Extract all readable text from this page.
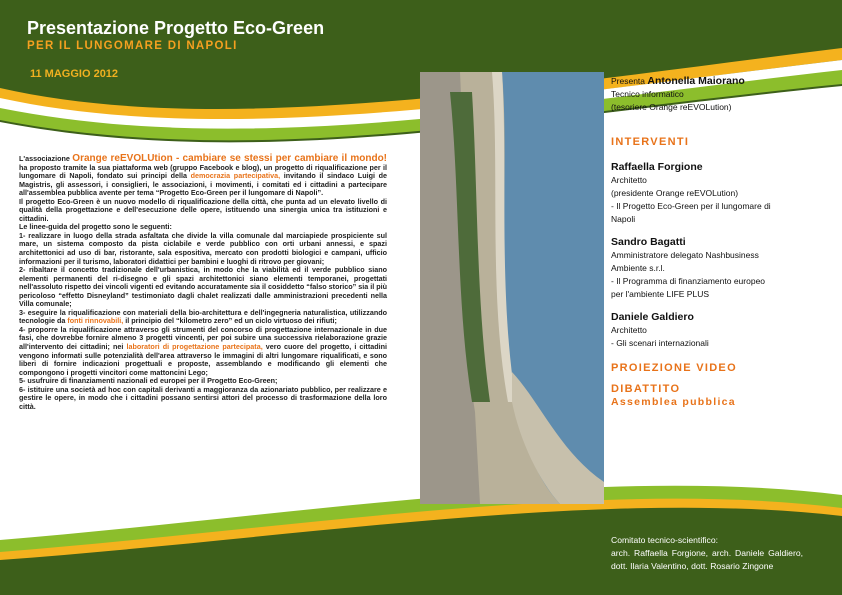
Presentazione Progetto Eco-Green
PER IL LUNGOMARE DI NAPOLI
11 MAGGIO 2012

L'associazione Orange reEVOLUtion - cambiare se stessi per cambiare il mondo! ha proposto tramite la sua piattaforma web (gruppo Facebook e blog), un progetto di riqualificazione per il lungomare di Napoli, fondato sui principi della democrazia partecipativa, invitando il sindaco Luigi de Magistris, gli assessori, i consiglieri, le associazioni, i movimenti, i comitati ed i cittadini a partecipare all'assemblea pubblica avente per tema “Progetto Eco-Green per il lungomare di Napoli”.

Il progetto Eco-Green è un nuovo modello di riqualificazione della città, che punta ad un elevato livello di qualità della progettazione e dell'esecuzione delle opere, istituendo una sinergia unica tra istituzioni e cittadini.

Le linee-guida del progetto sono le seguenti:

1- realizzare in luogo della strada asfaltata che divide la villa comunale dal marciapiede prospiciente sul mare, un sistema composto da pista ciclabile e verde pubblico con orti urbani annessi, e spazi architettonici ad uso di bar, ristorante, sala espositiva, mercato con prodotti biologici e campani, ufficio informazioni per il turismo, laboratori didattici per bambini e luoghi di ritrovo per giovani;

2- ribaltare il concetto tradizionale dell'urbanistica, in modo che la viabilità ed il verde pubblico siano elementi permanenti del ri-disegno e gli spazi architettonici siano elementi temporanei, progettati nell'assoluto rispetto dei vincoli vigenti ed evitando accuratamente sia il cosiddetto “falso storico” sia il più pericoloso “effetto Disneyland” testimoniato dagli chalet realizzati dalle amministrazioni precedenti nella Villa comunale;

3- eseguire la riqualificazione con materiali della bio-architettura e dell'ingegneria naturalistica, utilizzando tecnologie da fonti rinnovabili, il principio del “kilometro zero” ed un ciclo virtuoso dei rifiuti;

4- proporre la riqualificazione attraverso gli strumenti del concorso di progettazione internazionale in due fasi, che dovrebbe fornire almeno 3 progetti vincenti, per poi subire una successiva rielaborazione grazie all'intervento dei cittadini; nei laboratori di progettazione partecipata, vero cuore del progetto, i cittadini vengono informati sulle potenzialità dell'area attraverso le immagini di altri lungomare riqualificati, e sono liberi di fornire indicazioni progettuali e proposte, assemblando e modificando gli elementi che compongono i progetti vincitori come mattoncini Lego;

5- usufruire di finanziamenti nazionali ed europei per il Progetto Eco-Green;

6- istituire una società ad hoc con capitali derivanti a maggioranza da azionariato pubblico, per realizzare e gestire le opere, in modo che i cittadini possano sentirsi attori del processo di trasformazione della loro città.

Presenta Antonella Maiorano
Tecnico informatico
(tesoriere Orange reEVOLution)
INTERVENTI
Raffaella Forgione
Architetto
(presidente Orange reEVOLution)
- Il Progetto Eco-Green per il lungomare di
Napoli
Sandro Bagatti
Amministratore delegato Nashbusiness
Ambiente s.r.l.
- Il Programma di finanziamento europeo
per l'ambiente LIFE PLUS
Daniele Galdiero
Architetto
- Gli scenari internazionali
PROIEZIONE VIDEO
DIBATTITO
Assemblea pubblica
Comitato tecnico-scientifico:
arch. Raffaella Forgione, arch. Daniele Galdiero, dott. Ilaria Valentino, dott. Rosario Zingone
